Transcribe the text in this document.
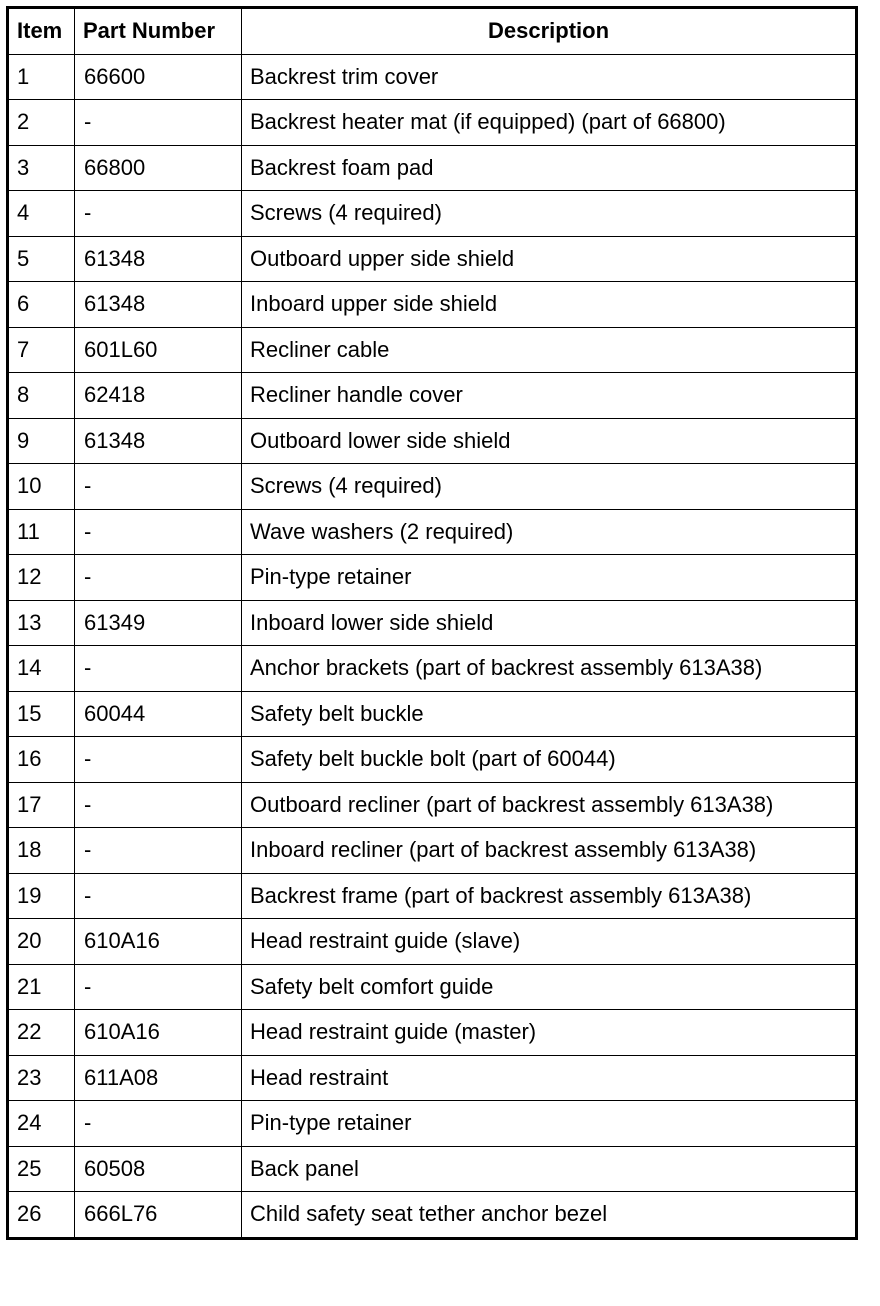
Item	Part Number	Description
1	66600	Backrest trim cover
2	-	Backrest heater mat (if equipped) (part of 66800)
3	66800	Backrest foam pad
4	-	Screws (4 required)
5	61348	Outboard upper side shield
6	61348	Inboard upper side shield
7	601L60	Recliner cable
8	62418	Recliner handle cover
9	61348	Outboard lower side shield
10	-	Screws (4 required)
11	-	Wave washers (2 required)
12	-	Pin-type retainer
13	61349	Inboard lower side shield
14	-	Anchor brackets (part of backrest assembly 613A38)
15	60044	Safety belt buckle
16	-	Safety belt buckle bolt (part of 60044)
17	-	Outboard recliner (part of backrest assembly 613A38)
18	-	Inboard recliner (part of backrest assembly 613A38)
19	-	Backrest frame (part of backrest assembly 613A38)
20	610A16	Head restraint guide (slave)
21	-	Safety belt comfort guide
22	610A16	Head restraint guide (master)
23	611A08	Head restraint
24	-	Pin-type retainer
25	60508	Back panel
26	666L76	Child safety seat tether anchor bezel
